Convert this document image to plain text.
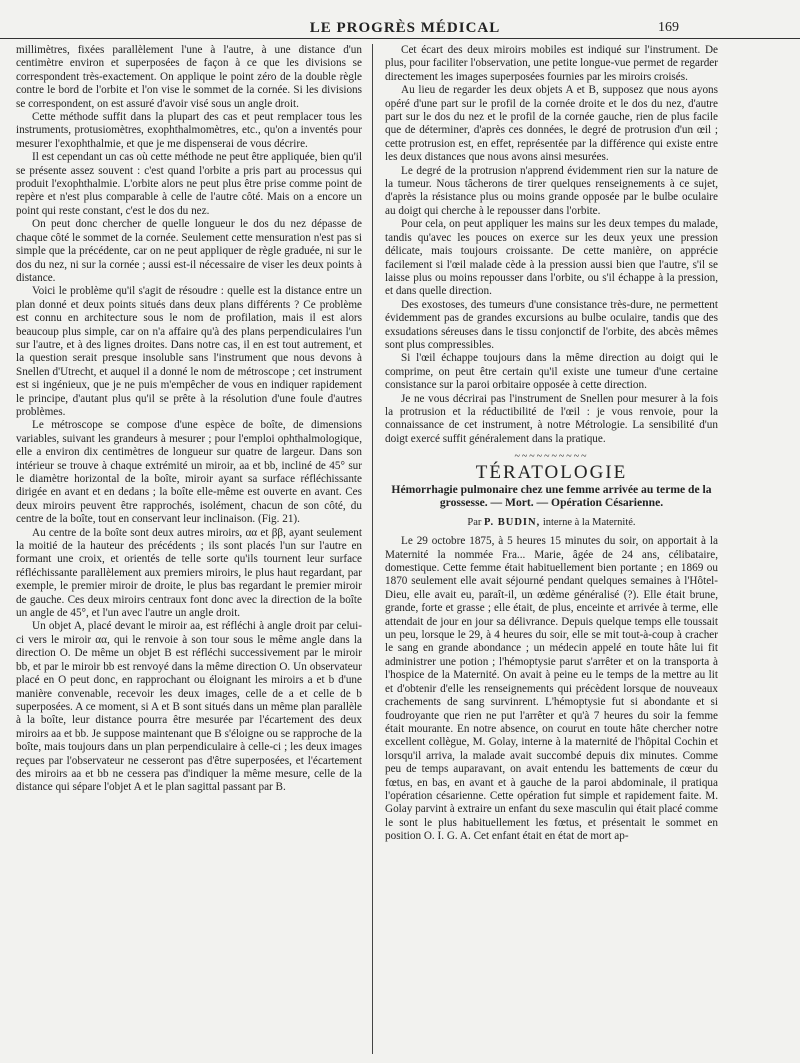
LE PROGRÈS MÉDICAL	169

millimètres, fixées parallèlement l'une à l'autre, à une distance d'un centimètre environ et superposées de façon à ce que les divisions se correspondent très-exactement. On applique le point zéro de la double règle contre le bord de l'orbite et l'on vise le sommet de la cornée. Si les divisions se correspondent, on est assuré d'avoir visé sous un angle droit.

Cette méthode suffit dans la plupart des cas et peut remplacer tous les instruments, protusiomètres, exophthalmomètres, etc., qu'on a inventés pour mesurer l'exophthalmie, et que je me dispenserai de vous décrire.

Il est cependant un cas où cette méthode ne peut être appliquée, bien qu'il se présente assez souvent : c'est quand l'orbite a pris part au processus qui produit l'exophthalmie. L'orbite alors ne peut plus être prise comme point de repère et n'est plus comparable à celle de l'autre côté. Mais on a encore un point qui reste constant, c'est le dos du nez.

On peut donc chercher de quelle longueur le dos du nez dépasse de chaque côté le sommet de la cornée. Seulement cette mensuration n'est pas si simple que la précédente, car on ne peut appliquer de règle graduée, ni sur le dos du nez, ni sur la cornée ; aussi est-il nécessaire de viser les deux points à distance.

Voici le problème qu'il s'agit de résoudre : quelle est la distance entre un plan donné et deux points situés dans deux plans différents ? Ce problème est connu en architecture sous le nom de profilation, mais il est alors beaucoup plus simple, car on n'a affaire qu'à des plans perpendiculaires l'un sur l'autre, et à des lignes droites. Dans notre cas, il en est tout autrement, et la question serait presque insoluble sans l'instrument que nous devons à Snellen d'Utrecht, et auquel il a donné le nom de métroscope ; cet instrument est si ingénieux, que je ne puis m'empêcher de vous en indiquer rapidement le principe, d'autant plus qu'il se prête à la résolution d'une foule d'autres problèmes.

Le métroscope se compose d'une espèce de boîte, de dimensions variables, suivant les grandeurs à mesurer ; pour l'emploi ophthalmologique, elle a environ dix centimètres de longueur sur quatre de largeur. Dans son intérieur se trouve à chaque extrémité un miroir, aa et bb, incliné de 45° sur le diamètre horizontal de la boîte, miroir ayant sa surface réfléchissante dirigée en avant et en dedans ; la boîte elle-même est ouverte en avant. Ces deux miroirs peuvent être rapprochés, isolément, chacun de son côté, du centre de la boîte, tout en conservant leur inclinaison. (Fig. 21).

Au centre de la boîte sont deux autres miroirs, αα et ββ, ayant seulement la moitié de la hauteur des précédents ; ils sont placés l'un sur l'autre en formant une croix, et orientés de telle sorte qu'ils tournent leur surface réfléchissante parallèlement aux premiers miroirs, le plus haut regardant, par exemple, le premier miroir de droite, le plus bas regardant le premier miroir de gauche. Ces deux miroirs centraux font donc avec la direction de la boîte un angle de 45°, et l'un avec l'autre un angle droit.

Un objet A, placé devant le miroir aa, est réfléchi à angle droit par celui-ci vers le miroir αα, qui le renvoie à son tour sous le même angle dans la direction O. De même un objet B est réfléchi successivement par le miroir bb, et par le miroir bb est renvoyé dans la même direction O. Un observateur placé en O peut donc, en rapprochant ou éloignant les miroirs a et b d'une manière convenable, recevoir les deux images, celle de a et celle de b superposées. A ce moment, si A et B sont situés dans un même plan parallèle à la boîte, leur distance pourra être mesurée par l'écartement des deux miroirs aa et bb. Je suppose maintenant que B s'éloigne ou se rapproche de la boîte, mais toujours dans un plan perpendiculaire à celle-ci ; les deux images reçues par l'observateur ne cesseront pas d'être superposées, et l'écartement des miroirs aa et bb ne cessera pas d'indiquer la même mesure, celle de la distance qui sépare l'objet A et le plan sagittal passant par B.

Cet écart des deux miroirs mobiles est indiqué sur l'instrument. De plus, pour faciliter l'observation, une petite longue-vue permet de regarder directement les images superposées fournies par les miroirs croisés.

Au lieu de regarder les deux objets A et B, supposez que nous ayons opéré d'une part sur le profil de la cornée droite et le dos du nez, d'autre part sur le dos du nez et le profil de la cornée gauche, rien de plus facile que de déterminer, d'après ces données, le degré de protrusion d'un œil ; cette protrusion est, en effet, représentée par la différence qui existe entre les deux distances que nous avons ainsi mesurées.

Le degré de la protrusion n'apprend évidemment rien sur la nature de la tumeur. Nous tâcherons de tirer quelques renseignements à ce sujet, d'après la résistance plus ou moins grande opposée par le bulbe oculaire au doigt qui cherche à le repousser dans l'orbite.

Pour cela, on peut appliquer les mains sur les deux tempes du malade, tandis qu'avec les pouces on exerce sur les deux yeux une pression délicate, mais toujours croissante. De cette manière, on apprécie facilement si l'œil malade cède à la pression aussi bien que l'autre, s'il se laisse plus ou moins repousser dans l'orbite, ou s'il échappe à la pression, et dans quelle direction.

Des exostoses, des tumeurs d'une consistance très-dure, ne permettent évidemment pas de grandes excursions au bulbe oculaire, tandis que des exsudations séreuses dans le tissu conjonctif de l'orbite, des abcès mêmes sont plus compressibles.

Si l'œil échappe toujours dans la même direction au doigt qui le comprime, on peut être certain qu'il existe une tumeur d'une certaine consistance sur la paroi orbitaire opposée à cette direction.

Je ne vous décrirai pas l'instrument de Snellen pour mesurer à la fois la protrusion et la réductibilité de l'œil : je vous renvoie, pour la connaissance de cet instrument, à notre Métrologie. La sensibilité d'un doigt exercé suffit généralement dans la pratique.

~~~~~~~~~~
TÉRATOLOGIE
Hémorrhagie pulmonaire chez une femme arrivée au terme de la grossesse. — Mort. — Opération Césarienne.
Par P. BUDIN, interne à la Maternité.

Le 29 octobre 1875, à 5 heures 15 minutes du soir, on apportait à la Maternité la nommée Fra... Marie, âgée de 24 ans, célibataire, domestique. Cette femme était habituellement bien portante ; en 1869 ou 1870 seulement elle avait séjourné pendant quelques semaines à l'Hôtel-Dieu, elle avait eu, paraît-il, un œdème généralisé (?). Elle était brune, grande, forte et grasse ; elle était, de plus, enceinte et arrivée à terme, elle attendait de jour en jour sa délivrance. Depuis quelque temps elle toussait un peu, lorsque le 29, à 4 heures du soir, elle se mit tout-à-coup à cracher le sang en grande abondance ; un médecin appelé en toute hâte lui fit administrer une potion ; l'hémoptysie parut s'arrêter et on la transporta à l'hospice de la Maternité. On avait à peine eu le temps de la mettre au lit et d'obtenir d'elle les renseignements qui précèdent lorsque de nouveaux crachements de sang survinrent. L'hémoptysie fut si abondante et si foudroyante que rien ne put l'arrêter et qu'à 7 heures du soir la femme était mourante. En notre absence, on courut en toute hâte chercher notre excellent collègue, M. Golay, interne à la maternité de l'hôpital Cochin et lorsqu'il arriva, la malade avait succombé depuis dix minutes. Comme peu de temps auparavant, on avait entendu les battements de cœur du fœtus, en bas, en avant et à gauche de la paroi abdominale, il pratiqua l'opération césarienne. Cette opération fut simple et rapidement faite. M. Golay parvint à extraire un enfant du sexe masculin qui était placé comme le sont le plus habituellement les fœtus, et présentait le sommet en position O. I. G. A. Cet enfant était en état de mort ap-
